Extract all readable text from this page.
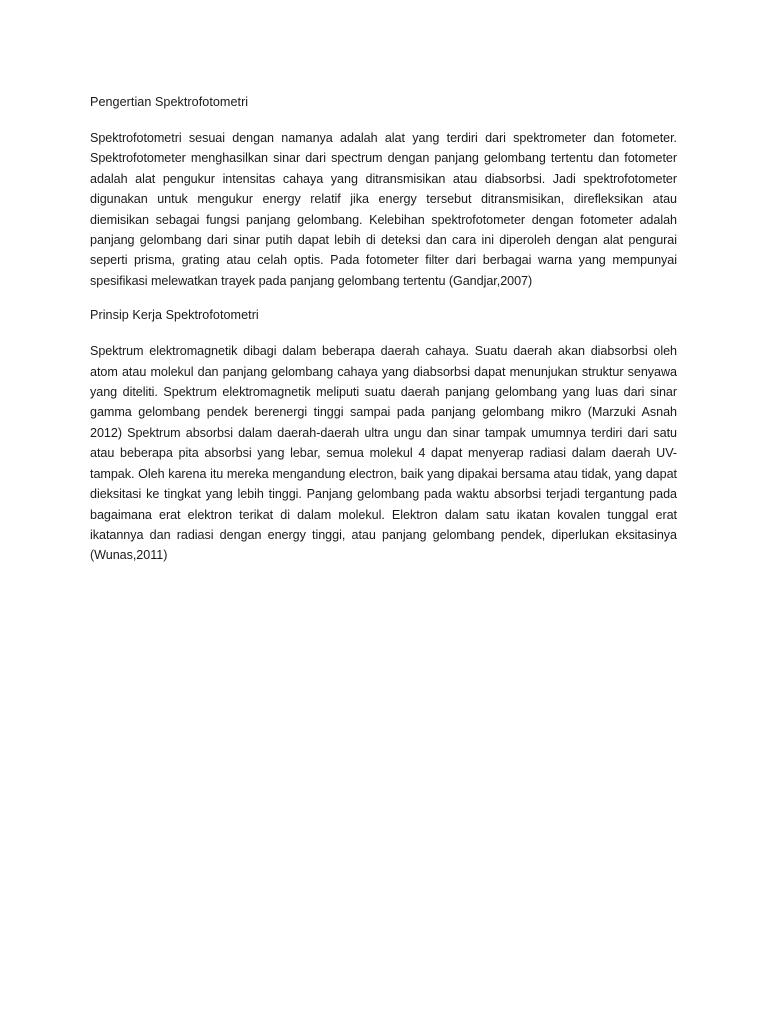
Pengertian Spektrofotometri

Spektrofotometri sesuai dengan namanya adalah alat yang terdiri dari spektrometer dan fotometer. Spektrofotometer menghasilkan sinar dari spectrum dengan panjang gelombang tertentu dan fotometer adalah alat pengukur intensitas cahaya yang ditransmisikan atau diabsorbsi. Jadi spektrofotometer digunakan untuk mengukur energy relatif jika energy tersebut ditransmisikan, direfleksikan atau diemisikan sebagai fungsi panjang gelombang. Kelebihan spektrofotometer dengan fotometer adalah panjang gelombang dari sinar putih dapat lebih di deteksi dan cara ini diperoleh dengan alat pengurai seperti prisma, grating atau celah optis. Pada fotometer filter dari berbagai warna yang mempunyai spesifikasi melewatkan trayek pada panjang gelombang tertentu (Gandjar,2007)

Prinsip Kerja Spektrofotometri

Spektrum elektromagnetik dibagi dalam beberapa daerah cahaya. Suatu daerah akan diabsorbsi oleh atom atau molekul dan panjang gelombang cahaya yang diabsorbsi dapat menunjukan struktur senyawa yang diteliti. Spektrum elektromagnetik meliputi suatu daerah panjang gelombang yang luas dari sinar gamma gelombang pendek berenergi tinggi sampai pada panjang gelombang mikro (Marzuki Asnah 2012) Spektrum absorbsi dalam daerah-daerah ultra ungu dan sinar tampak umumnya terdiri dari satu atau beberapa pita absorbsi yang lebar, semua molekul 4 dapat menyerap radiasi dalam daerah UV-tampak. Oleh karena itu mereka mengandung electron, baik yang dipakai bersama atau tidak, yang dapat dieksitasi ke tingkat yang lebih tinggi. Panjang gelombang pada waktu absorbsi terjadi tergantung pada bagaimana erat elektron terikat di dalam molekul. Elektron dalam satu ikatan kovalen tunggal erat ikatannya dan radiasi dengan energy tinggi, atau panjang gelombang pendek, diperlukan eksitasinya (Wunas,2011)
